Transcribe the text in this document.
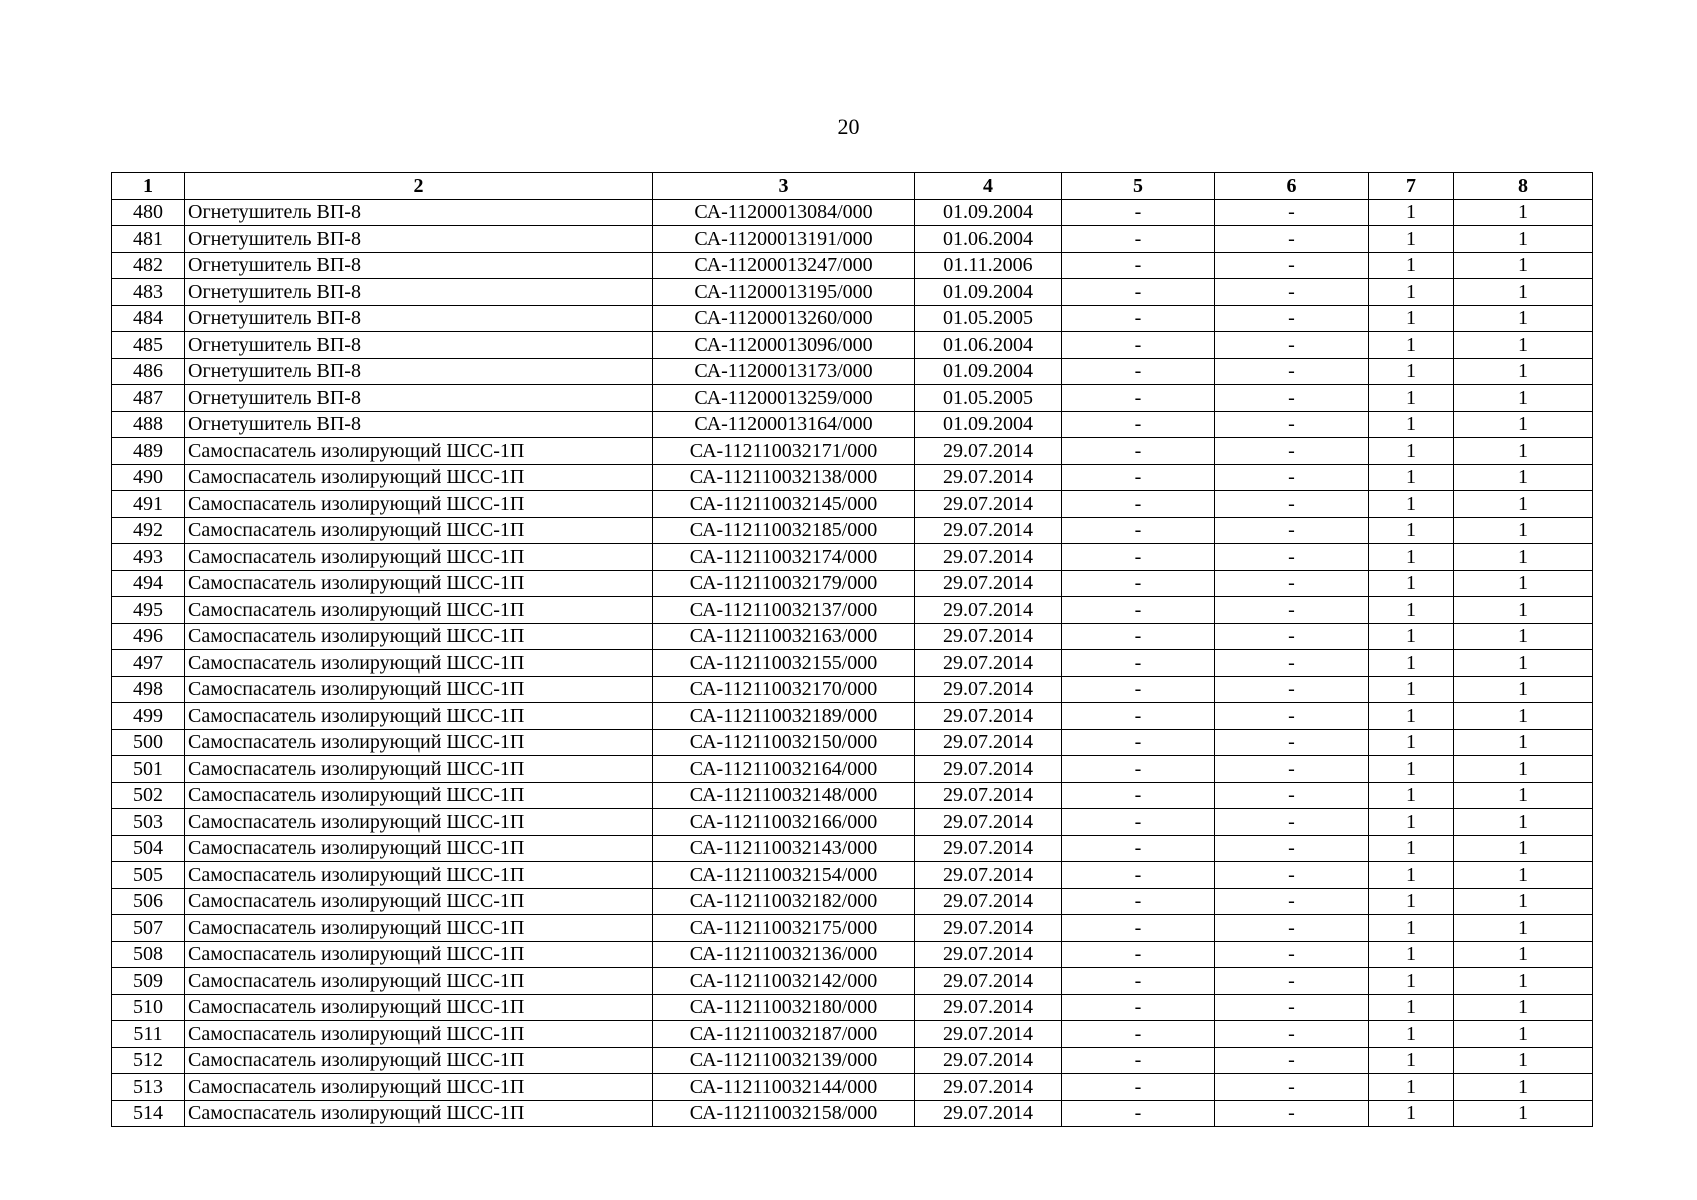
20
1	2	3	4	5	6	7	8
480	Огнетушитель ВП-8	СА-11200013084/000	01.09.2004	-	-	1	1
481	Огнетушитель ВП-8	СА-11200013191/000	01.06.2004	-	-	1	1
482	Огнетушитель ВП-8	СА-11200013247/000	01.11.2006	-	-	1	1
483	Огнетушитель ВП-8	СА-11200013195/000	01.09.2004	-	-	1	1
484	Огнетушитель ВП-8	СА-11200013260/000	01.05.2005	-	-	1	1
485	Огнетушитель ВП-8	СА-11200013096/000	01.06.2004	-	-	1	1
486	Огнетушитель ВП-8	СА-11200013173/000	01.09.2004	-	-	1	1
487	Огнетушитель ВП-8	СА-11200013259/000	01.05.2005	-	-	1	1
488	Огнетушитель ВП-8	СА-11200013164/000	01.09.2004	-	-	1	1
489	Самоспасатель изолирующий ШСС-1П	СА-112110032171/000	29.07.2014	-	-	1	1
490	Самоспасатель изолирующий ШСС-1П	СА-112110032138/000	29.07.2014	-	-	1	1
491	Самоспасатель изолирующий ШСС-1П	СА-112110032145/000	29.07.2014	-	-	1	1
492	Самоспасатель изолирующий ШСС-1П	СА-112110032185/000	29.07.2014	-	-	1	1
493	Самоспасатель изолирующий ШСС-1П	СА-112110032174/000	29.07.2014	-	-	1	1
494	Самоспасатель изолирующий ШСС-1П	СА-112110032179/000	29.07.2014	-	-	1	1
495	Самоспасатель изолирующий ШСС-1П	СА-112110032137/000	29.07.2014	-	-	1	1
496	Самоспасатель изолирующий ШСС-1П	СА-112110032163/000	29.07.2014	-	-	1	1
497	Самоспасатель изолирующий ШСС-1П	СА-112110032155/000	29.07.2014	-	-	1	1
498	Самоспасатель изолирующий ШСС-1П	СА-112110032170/000	29.07.2014	-	-	1	1
499	Самоспасатель изолирующий ШСС-1П	СА-112110032189/000	29.07.2014	-	-	1	1
500	Самоспасатель изолирующий ШСС-1П	СА-112110032150/000	29.07.2014	-	-	1	1
501	Самоспасатель изолирующий ШСС-1П	СА-112110032164/000	29.07.2014	-	-	1	1
502	Самоспасатель изолирующий ШСС-1П	СА-112110032148/000	29.07.2014	-	-	1	1
503	Самоспасатель изолирующий ШСС-1П	СА-112110032166/000	29.07.2014	-	-	1	1
504	Самоспасатель изолирующий ШСС-1П	СА-112110032143/000	29.07.2014	-	-	1	1
505	Самоспасатель изолирующий ШСС-1П	СА-112110032154/000	29.07.2014	-	-	1	1
506	Самоспасатель изолирующий ШСС-1П	СА-112110032182/000	29.07.2014	-	-	1	1
507	Самоспасатель изолирующий ШСС-1П	СА-112110032175/000	29.07.2014	-	-	1	1
508	Самоспасатель изолирующий ШСС-1П	СА-112110032136/000	29.07.2014	-	-	1	1
509	Самоспасатель изолирующий ШСС-1П	СА-112110032142/000	29.07.2014	-	-	1	1
510	Самоспасатель изолирующий ШСС-1П	СА-112110032180/000	29.07.2014	-	-	1	1
511	Самоспасатель изолирующий ШСС-1П	СА-112110032187/000	29.07.2014	-	-	1	1
512	Самоспасатель изолирующий ШСС-1П	СА-112110032139/000	29.07.2014	-	-	1	1
513	Самоспасатель изолирующий ШСС-1П	СА-112110032144/000	29.07.2014	-	-	1	1
514	Самоспасатель изолирующий ШСС-1П	СА-112110032158/000	29.07.2014	-	-	1	1
